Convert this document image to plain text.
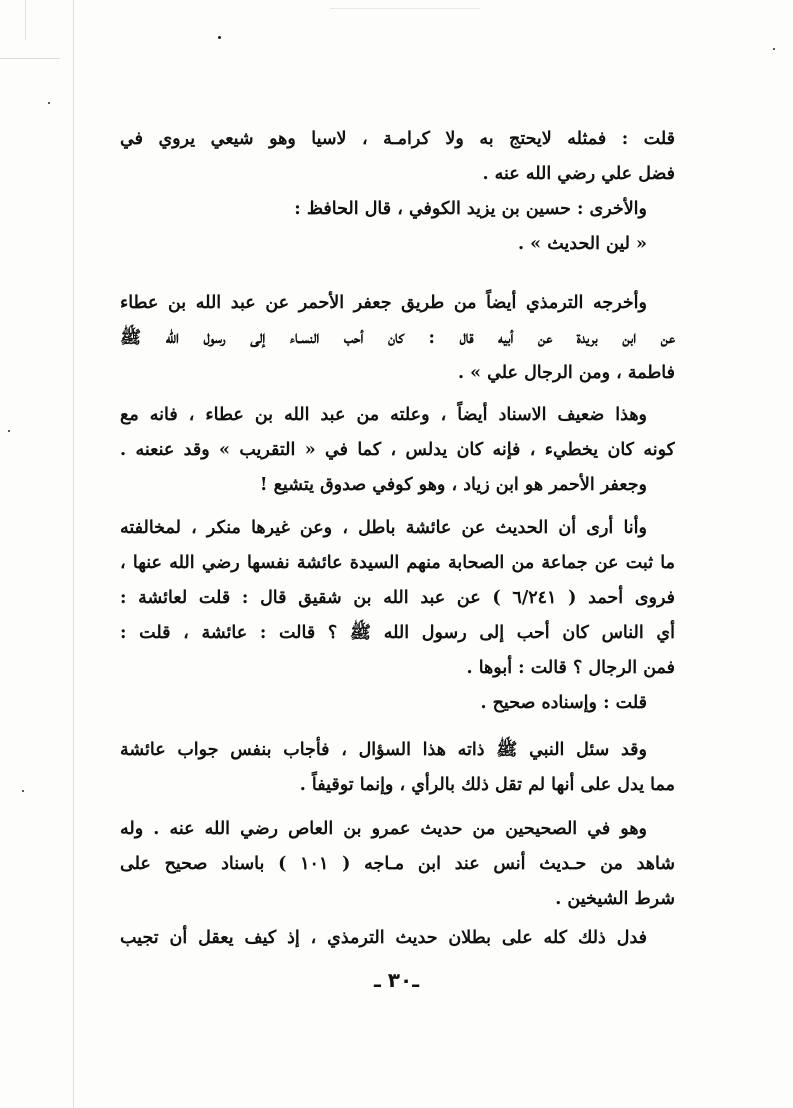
قلت : فمثله لايحتج به ولا كرامـة ، لاسيا وهو شيعي يروي في
فضل علي رضي الله عنه .
والأخرى : حسين بن يزيد الكوفي ، قال الحافظ :
« لين الحديث » .
وأخرجه الترمذي أيضاً من طريق جعفر الأحمر عن عبد الله بن عطاء
عن ابن بريدة عن أبيه قال : كان أحب النسـاء إلى رسول الله ﷺ
فاطمة ، ومن الرجال علي » .
وهذا ضعيف الاسناد أيضاً ، وعلته من عبد الله بن عطاء ، فانه مع
كونه كان يخطيء ، فإنه كان يدلس ، كما في « التقريب » وقد عنعنه .
وجعفر الأحمر هو ابن زياد ، وهو كوفي صدوق يتشيع !
وأنا أرى أن الحديث عن عائشة باطل ، وعن غيرها منكر ، لمخالفته
ما ثبت عن جماعة من الصحابة منهم السيدة عائشة نفسها رضي الله عنها ،
فروى أحمد ( ٦/٢٤١ ) عن عبد الله بن شقيق قال : قلت لعائشة :
أي الناس كان أحب إلى رسول الله ﷺ ؟ قالت : عائشة ، قلت :
فمن الرجال ؟ قالت : أبوها .
قلت : وإسناده صحيح .
وقد سئل النبي ﷺ ذاته هذا السؤال ، فأجاب بنفس جواب عائشة
مما يدل على أنها لم تقل ذلك بالرأي ، وإنما توقيفاً .
وهو في الصحيحين من حديث عمرو بن العاص رضي الله عنه . وله
شاهد من حـديث أنس عند ابن مـاجه ( ١٠١ ) باسناد صحيح على
شرط الشيخين .
فدل ذلك كله على بطلان حديث الترمذي ، إذ كيف يعقل أن تجيب
ـ٣٠ ـ
